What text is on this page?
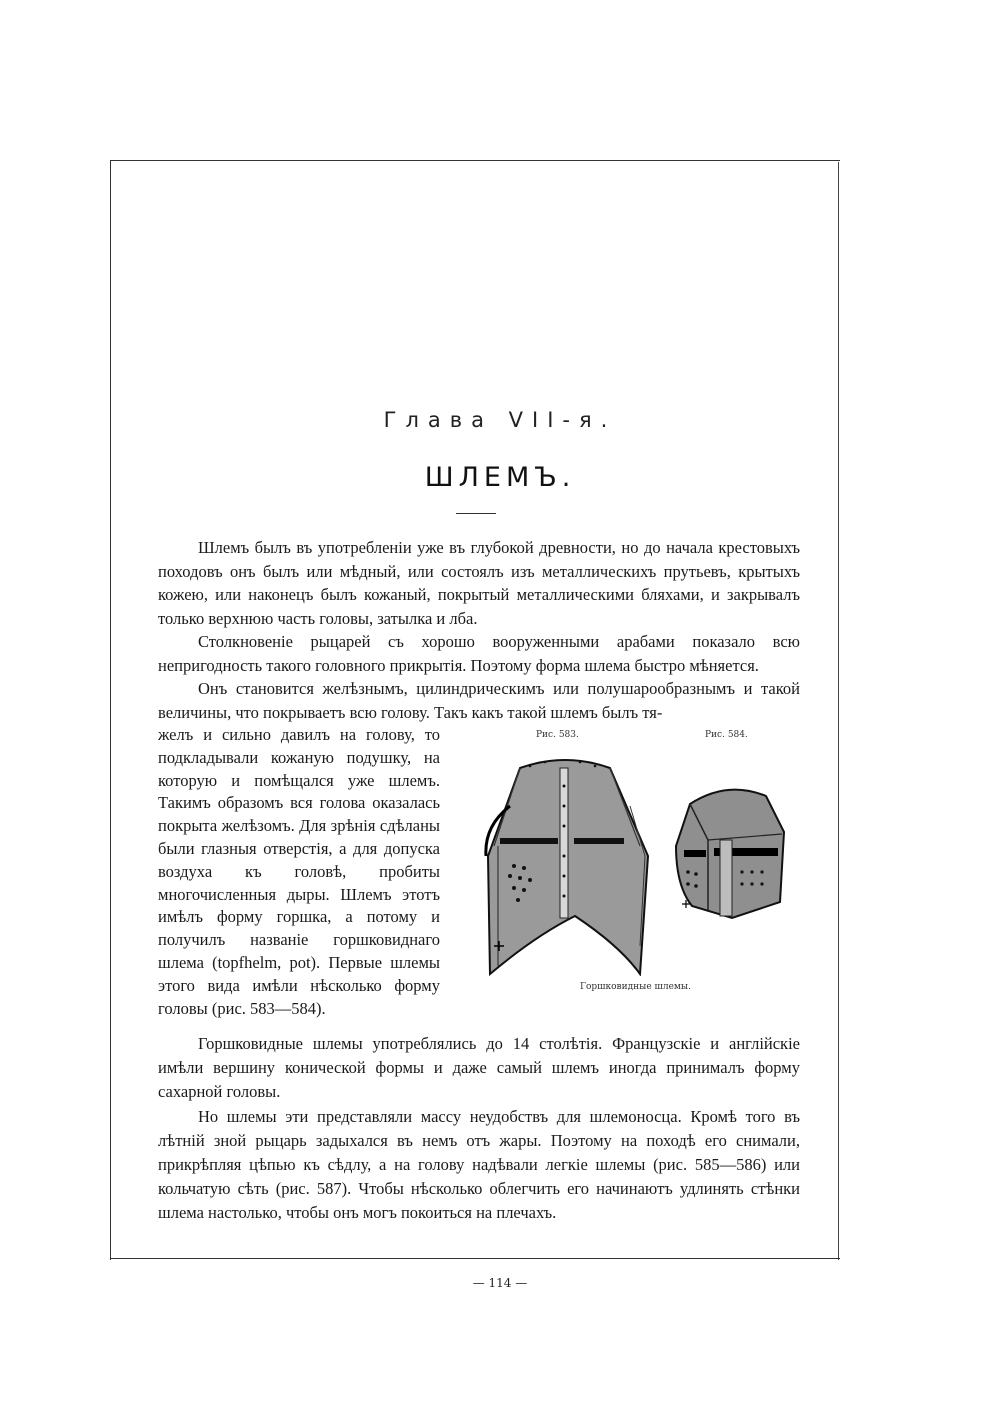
Глава VII-я.
ШЛЕМЪ.

Шлемъ былъ въ употребленіи уже въ глубокой древности, но до начала крестовыхъ походовъ онъ былъ или мѣдный, или состоялъ изъ металлическихъ прутьевъ, крытыхъ кожею, или наконецъ былъ кожаный, покрытый металлическими бляхами, и закрывалъ только верхнюю часть головы, затылка и лба.

Столкновеніе рыцарей съ хорошо вооруженными арабами показало всю непригодность такого головного прикрытія. Поэтому форма шлема быстро мѣняется.

Онъ становится желѣзнымъ, цилиндрическимъ или полушарообразнымъ и такой величины, что покрываетъ всю голову. Такъ какъ такой шлемъ былъ тя-

желъ и сильно давилъ на голову, то подкладывали кожаную подушку, на которую и помѣщался уже шлемъ. Такимъ образомъ вся голова оказалась покрыта желѣзомъ. Для зрѣнія сдѣланы были глазныя отверстія, а для допуска воздуха къ головѣ, пробиты многочисленныя дыры. Шлемъ этотъ имѣлъ форму горшка, а потому и получилъ названіе горшковиднаго шлема (topfhelm, pot). Первые шлемы этого вида имѣли нѣсколько форму головы (рис. 583—584).

Рис. 583.	Рис. 584.
Горшковидные шлемы.

Горшковидные шлемы употреблялись до 14 столѣтія. Французскіе и англійскіе имѣли вершину конической формы и даже самый шлемъ иногда принималъ форму сахарной головы.

Но шлемы эти представляли массу неудобствъ для шлемоносца. Кромѣ того въ лѣтній зной рыцарь задыхался въ немъ отъ жары. Поэтому на походѣ его снимали, прикрѣпляя цѣпью къ сѣдлу, а на голову надѣвали легкіе шлемы (рис. 585—586) или кольчатую сѣть (рис. 587). Чтобы нѣсколько облегчить его начинаютъ удлинять стѣнки шлема настолько, чтобы онъ могъ покоиться на плечахъ.

— 114 —
